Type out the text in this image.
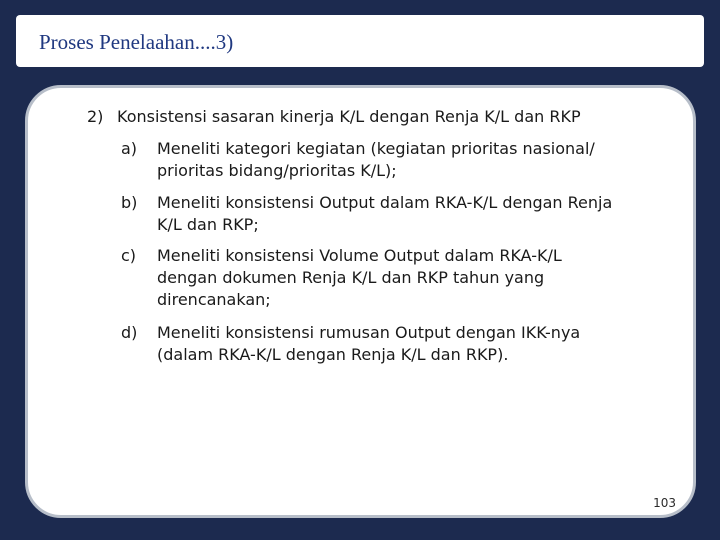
Proses Penelaahan....3)
2) Konsistensi sasaran kinerja K/L dengan Renja K/L dan RKP
a)	Meneliti kategori kegiatan (kegiatan prioritas nasional/
prioritas bidang/prioritas K/L);
b)	Meneliti konsistensi Output dalam RKA-K/L dengan Renja
K/L dan RKP;
c)	Meneliti konsistensi Volume Output dalam RKA-K/L
dengan dokumen Renja K/L dan RKP tahun yang
direncanakan;
d)	Meneliti konsistensi rumusan Output dengan IKK-nya
(dalam RKA-K/L dengan Renja K/L dan RKP).
103
